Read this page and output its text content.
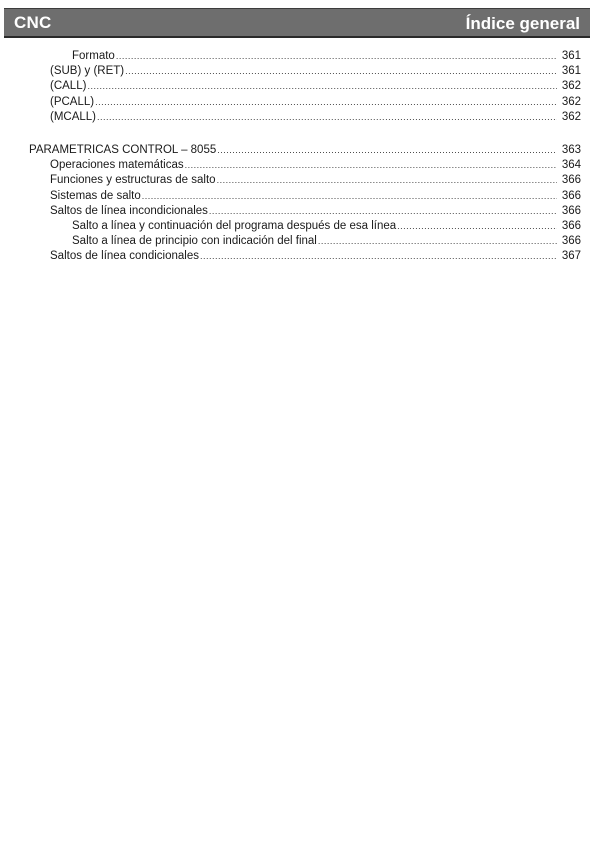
CNC	Índice general
Formato .....	361
(SUB) y (RET) .....	361
(CALL) .....	362
(PCALL) .....	362
(MCALL) .....	362
PARAMETRICAS CONTROL – 8055 .....	363
Operaciones matemáticas .....	364
Funciones y estructuras de salto .....	366
Sistemas de salto .....	366
Saltos de línea incondicionales .....	366
Salto a línea y continuación del programa después de esa línea .....	366
Salto a línea de principio con indicación del final .....	366
Saltos de línea condicionales .....	367
